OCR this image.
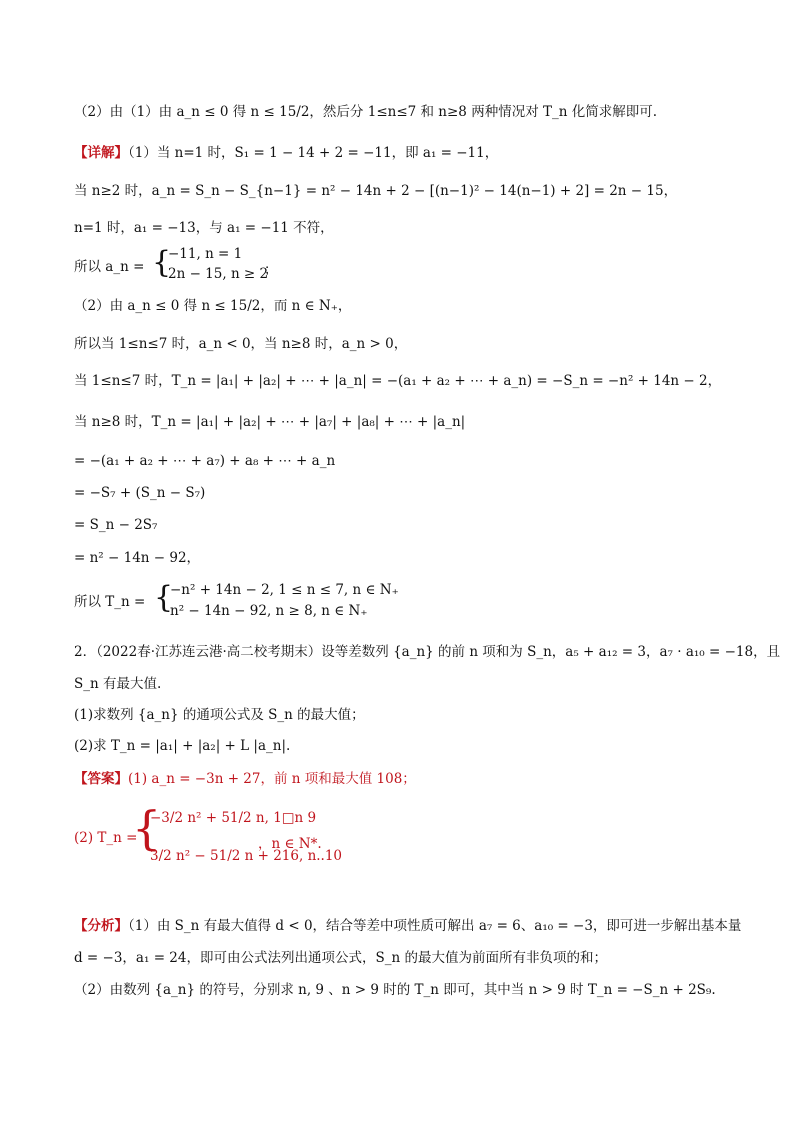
（2）由（1）由 a_n ≤ 0 得 n ≤ 15/2，然后分 1≤n≤7 和 n≥8 两种情况对 T_n 化简求解即可.
【详解】（1）当 n=1 时，S₁ = 1 − 14 + 2 = −11，即 a₁ = −11，
当 n≥2 时，a_n = S_n − S_{n−1} = n² − 14n + 2 − [(n−1)² − 14(n−1) + 2] = 2n − 15，
n=1 时，a₁ = −13，与 a₁ = −11 不符，
所以 a_n = {
−11, n = 1
2n − 15, n ≥ 2
；
（2）由 a_n ≤ 0 得 n ≤ 15/2，而 n ∈ N₊，
所以当 1≤n≤7 时，a_n < 0，当 n≥8 时，a_n > 0，
当 1≤n≤7 时，T_n = |a₁| + |a₂| + ⋯ + |a_n| = −(a₁ + a₂ + ⋯ + a_n) = −S_n = −n² + 14n − 2，
当 n≥8 时，T_n = |a₁| + |a₂| + ⋯ + |a₇| + |a₈| + ⋯ + |a_n|
= −(a₁ + a₂ + ⋯ + a₇) + a₈ + ⋯ + a_n
= −S₇ + (S_n − S₇)
= S_n − 2S₇
= n² − 14n − 92，
所以 T_n = {
−n² + 14n − 2, 1 ≤ n ≤ 7, n ∈ N₊
n² − 14n − 92, n ≥ 8, n ∈ N₊
2．（2022春·江苏连云港·高二校考期末）设等差数列 {a_n} 的前 n 项和为 S_n，a₅ + a₁₂ = 3，a₇ · a₁₀ = −18，且
S_n 有最大值.
(1)求数列 {a_n} 的通项公式及 S_n 的最大值；
(2)求 T_n = |a₁| + |a₂| + L |a_n|.
【答案】(1) a_n = −3n + 27，前 n 项和最大值 108；
(2) T_n =
{
−3/2 n² + 51/2 n, 1□n 9
3/2 n² − 51/2 n + 216, n..10
，n ∈ N*.
【分析】（1）由 S_n 有最大值得 d < 0，结合等差中项性质可解出 a₇ = 6、a₁₀ = −3，即可进一步解出基本量
d = −3，a₁ = 24，即可由公式法列出通项公式，S_n 的最大值为前面所有非负项的和；
（2）由数列 {a_n} 的符号，分别求 n, 9 、n > 9 时的 T_n 即可，其中当 n > 9 时 T_n = −S_n + 2S₉.
